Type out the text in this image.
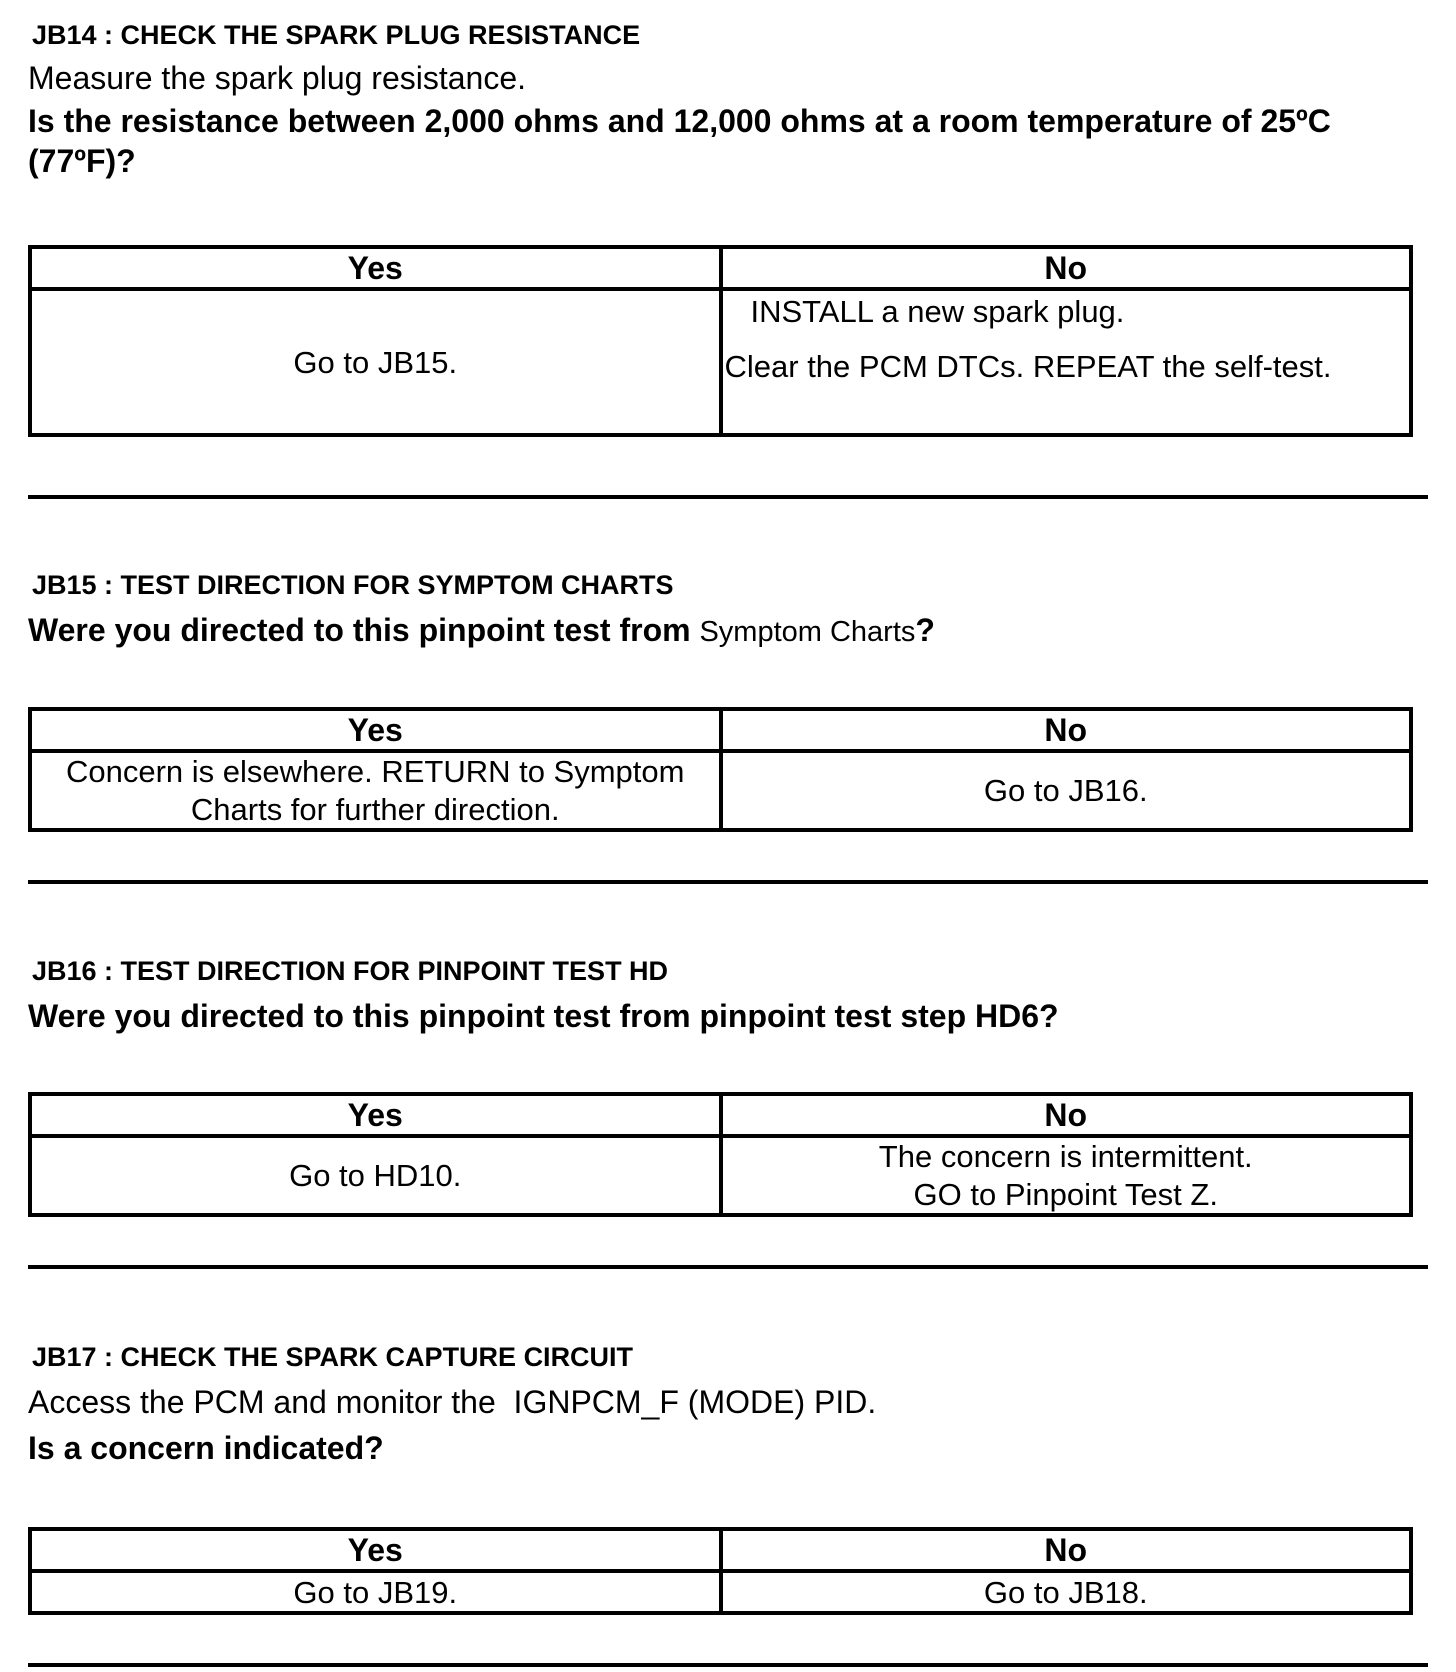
JB14 : CHECK THE SPARK PLUG RESISTANCE
Measure the spark plug resistance.
Is the resistance between 2,000 ohms and 12,000 ohms at a room temperature of 25ºC
(77ºF)?
Yes	No
Go to JB15.	INSTALL a new spark plug.
Clear the PCM DTCs. REPEAT the self-test.
JB15 : TEST DIRECTION FOR SYMPTOM CHARTS
Were you directed to this pinpoint test from Symptom Charts?
Yes	No

Concern is elsewhere. RETURN to Symptom
Charts for further direction.	Go to JB16.
JB16 : TEST DIRECTION FOR PINPOINT TEST HD
Were you directed to this pinpoint test from pinpoint test step HD6?
Yes	No
Go to HD10.	The concern is intermittent.
GO to Pinpoint Test Z.
JB17 : CHECK THE SPARK CAPTURE CIRCUIT
Access the PCM and monitor the  IGNPCM_F (MODE) PID.
Is a concern indicated?
Yes	No
Go to JB19.	Go to JB18.
